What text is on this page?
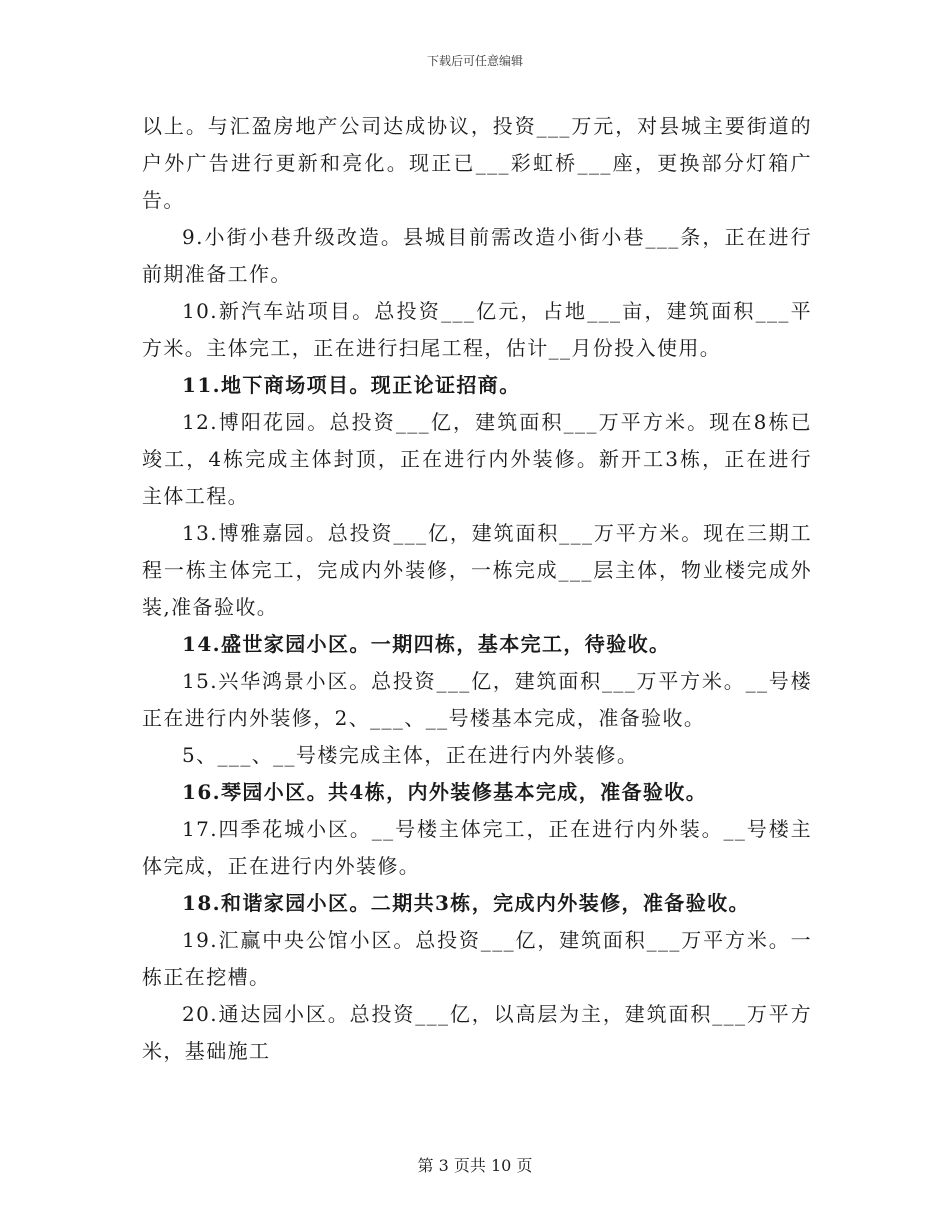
下载后可任意编辑

以上。与汇盈房地产公司达成协议，投资___万元，对县城主要街道的户外广告进行更新和亮化。现正已___彩虹桥___座，更换部分灯箱广告。

9.小街小巷升级改造。县城目前需改造小街小巷___条，正在进行前期准备工作。

10.新汽车站项目。总投资___亿元，占地___亩，建筑面积___平方米。主体完工，正在进行扫尾工程，估计__月份投入使用。

11.地下商场项目。现正论证招商。

12.博阳花园。总投资___亿，建筑面积___万平方米。现在8栋已竣工，4栋完成主体封顶，正在进行内外装修。新开工3栋，正在进行主体工程。

13.博雅嘉园。总投资___亿，建筑面积___万平方米。现在三期工程一栋主体完工，完成内外装修，一栋完成___层主体，物业楼完成外装,准备验收。

14.盛世家园小区。一期四栋，基本完工，待验收。

15.兴华鸿景小区。总投资___亿，建筑面积___万平方米。__号楼正在进行内外装修，2、___、__号楼基本完成，准备验收。

5、___、__号楼完成主体，正在进行内外装修。

16.琴园小区。共4栋，内外装修基本完成，准备验收。

17.四季花城小区。__号楼主体完工，正在进行内外装。__号楼主体完成，正在进行内外装修。

18.和谐家园小区。二期共3栋，完成内外装修，准备验收。

19.汇赢中央公馆小区。总投资___亿，建筑面积___万平方米。一栋正在挖槽。

20.通达园小区。总投资___亿，以高层为主，建筑面积___万平方米，基础施工

第 3 页共 10 页
